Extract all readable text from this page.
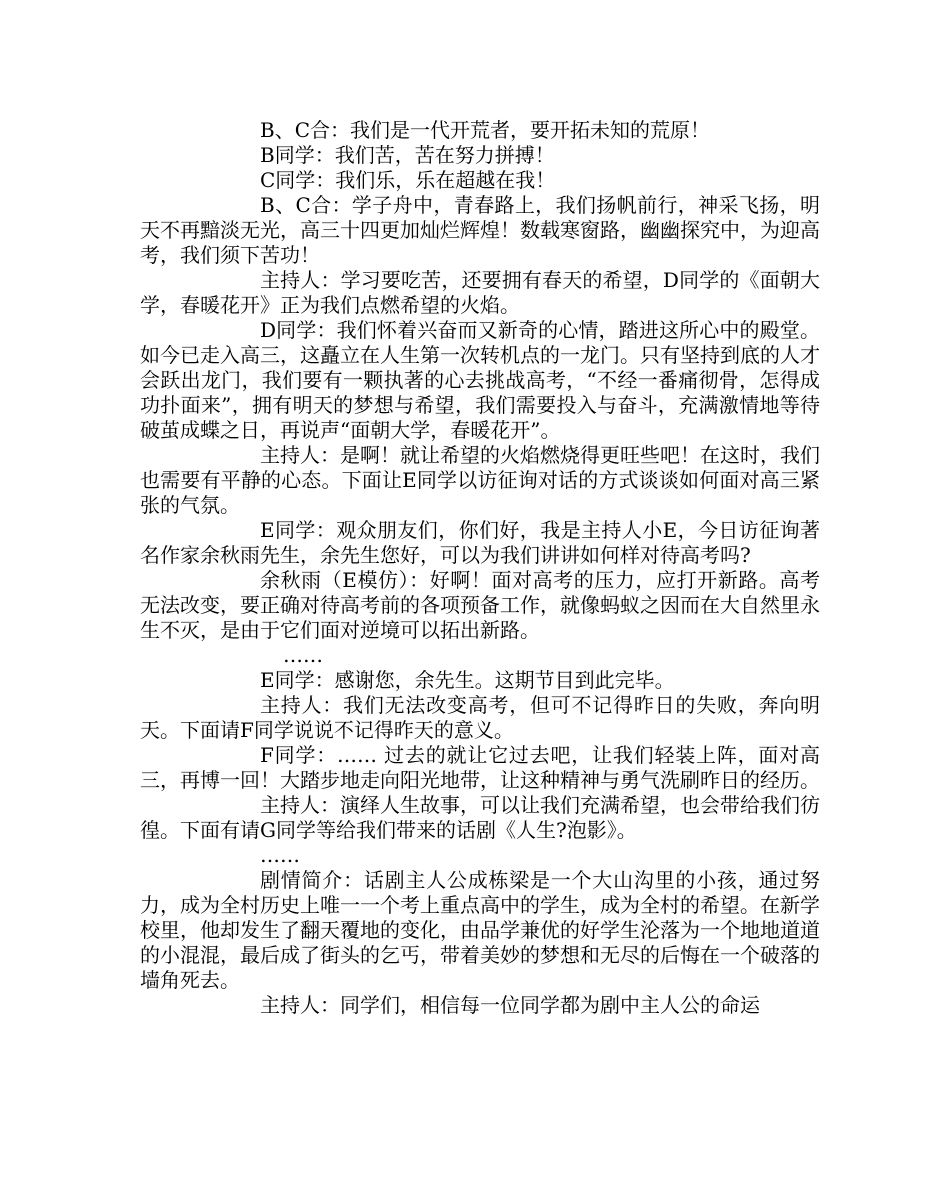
B、C合：我们是一代开荒者，要开拓未知的荒原！

B同学：我们苦，苦在努力拼搏！

C同学：我们乐，乐在超越在我！

B、C合：学子舟中，青春路上，我们扬帆前行，神采飞扬，明天不再黯淡无光，高三十四更加灿烂辉煌！数载寒窗路，幽幽探究中，为迎高考，我们须下苦功！

主持人：学习要吃苦，还要拥有春天的希望，D同学的《面朝大学，春暖花开》正为我们点燃希望的火焰。

D同学：我们怀着兴奋而又新奇的心情，踏进这所心中的殿堂。如今已走入高三，这矗立在人生第一次转机点的一龙门。只有坚持到底的人才会跃出龙门，我们要有一颗执著的心去挑战高考，“不经一番痛彻骨，怎得成功扑面来”，拥有明天的梦想与希望，我们需要投入与奋斗，充满激情地等待破茧成蝶之日，再说声“面朝大学，春暖花开”。

主持人：是啊！就让希望的火焰燃烧得更旺些吧！在这时，我们也需要有平静的心态。下面让E同学以访征询对话的方式谈谈如何面对高三紧张的气氛。

E同学：观众朋友们，你们好，我是主持人小E，今日访征询著名作家余秋雨先生，余先生您好，可以为我们讲讲如何样对待高考吗?

余秋雨（E模仿）：好啊！面对高考的压力，应打开新路。高考无法改变，要正确对待高考前的各项预备工作，就像蚂蚁之因而在大自然里永生不灭，是由于它们面对逆境可以拓出新路。

……

E同学：感谢您，余先生。这期节目到此完毕。

主持人：我们无法改变高考，但可不记得昨日的失败，奔向明天。下面请F同学说说不记得昨天的意义。

F同学：…… 过去的就让它过去吧，让我们轻装上阵，面对高三，再博一回！大踏步地走向阳光地带，让这种精神与勇气洗刷昨日的经历。

主持人：演绎人生故事，可以让我们充满希望，也会带给我们彷徨。下面有请G同学等给我们带来的话剧《人生?泡影》。

……

剧情简介：话剧主人公成栋梁是一个大山沟里的小孩，通过努力，成为全村历史上唯一一个考上重点高中的学生，成为全村的希望。在新学校里，他却发生了翻天覆地的变化，由品学兼优的好学生沦落为一个地地道道的小混混，最后成了街头的乞丐，带着美妙的梦想和无尽的后悔在一个破落的墙角死去。

主持人：同学们，相信每一位同学都为剧中主人公的命运
